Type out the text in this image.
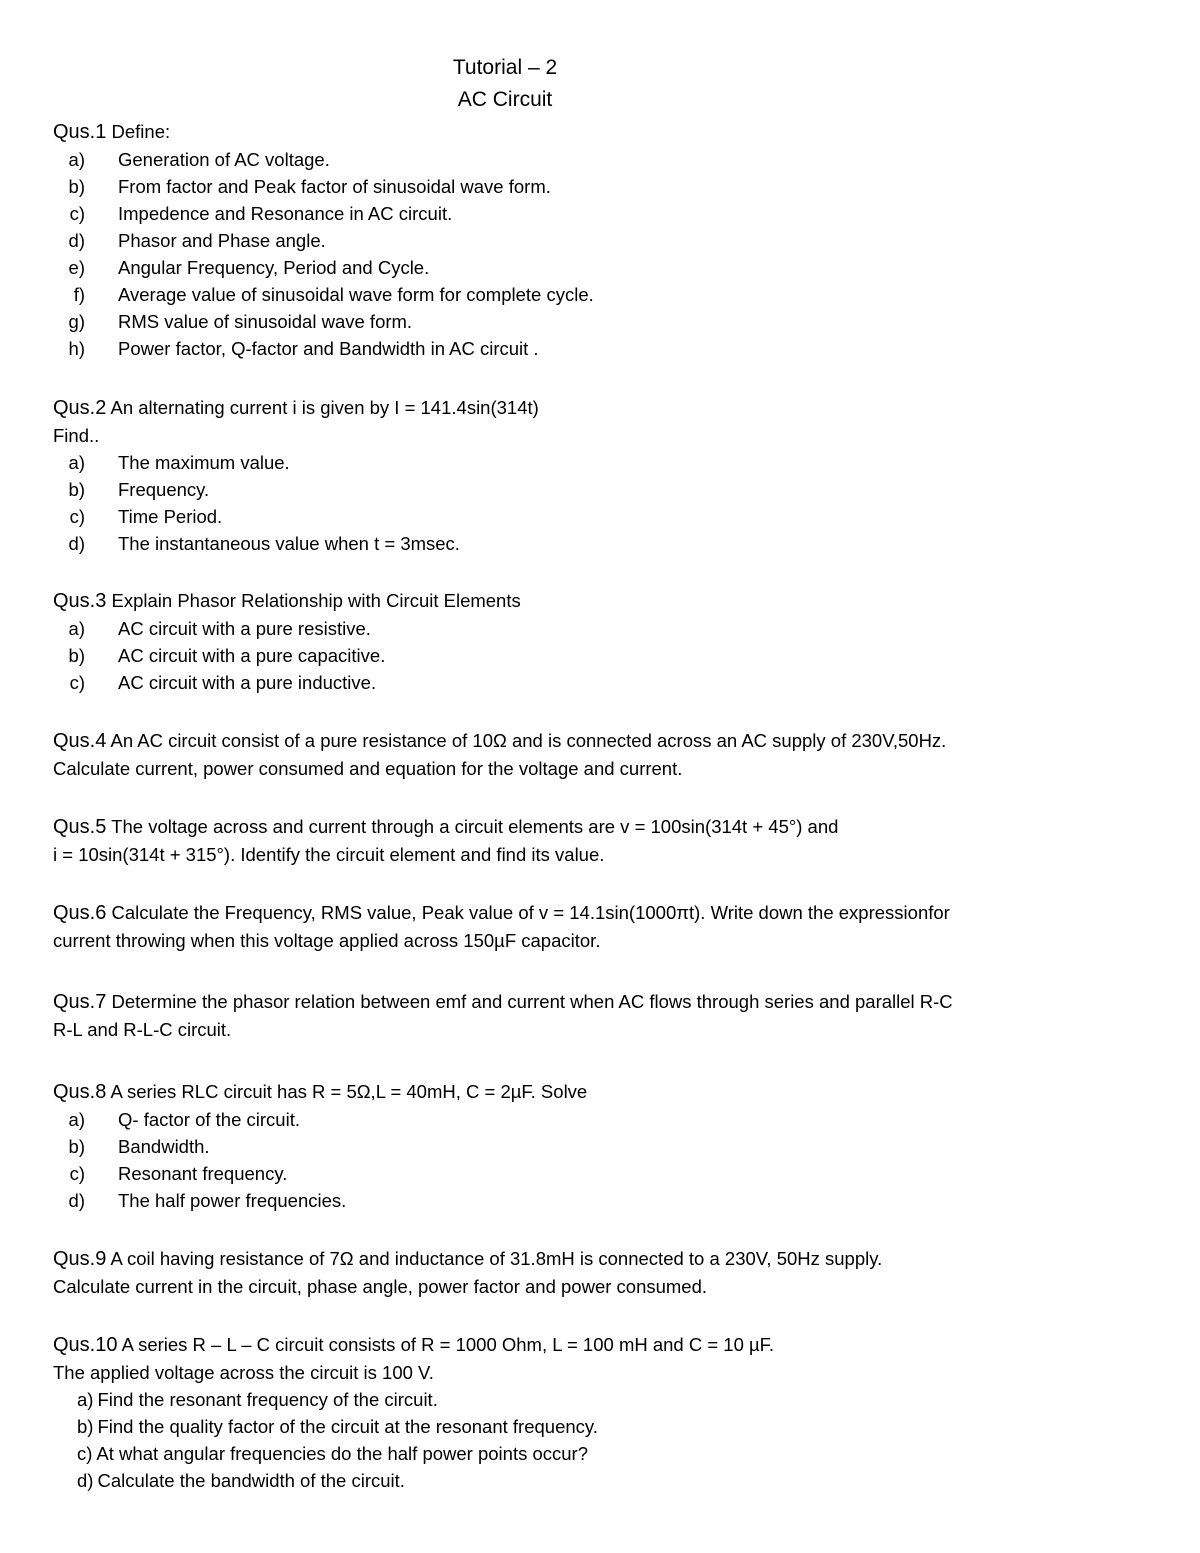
Tutorial – 2
AC Circuit
Qus.1 Define:
a) Generation of AC voltage.
b) From factor and Peak factor of sinusoidal wave form.
c) Impedence and Resonance in AC circuit.
d) Phasor and Phase angle.
e) Angular Frequency, Period and Cycle.
f) Average value of sinusoidal wave form for complete cycle.
g) RMS value of sinusoidal wave form.
h) Power factor, Q-factor and Bandwidth in AC circuit .
Qus.2 An alternating current i is given by I = 141.4sin(314t)
Find..
a) The maximum value.
b) Frequency.
c) Time Period.
d) The instantaneous value when t = 3msec.
Qus.3 Explain Phasor Relationship with Circuit Elements
a) AC circuit with a pure resistive.
b) AC circuit with a pure capacitive.
c) AC circuit with a pure inductive.
Qus.4 An AC circuit consist of a pure resistance of 10Ω and is connected across an AC supply of 230V,50Hz.
Calculate current, power consumed and equation for the voltage and current.
Qus.5 The voltage across and current through a circuit elements are v = 100sin(314t + 45°) and
i = 10sin(314t + 315°). Identify the circuit element and find its value.
Qus.6 Calculate the Frequency, RMS value, Peak value of v = 14.1sin(1000πt). Write down the expressionfor
current throwing when this voltage applied across 150µF capacitor.
Qus.7 Determine the phasor relation between emf and current when AC flows through series and parallel R-C
R-L and R-L-C circuit.
Qus.8 A series RLC circuit has R = 5Ω,L = 40mH, C = 2µF. Solve
a) Q- factor of the circuit.
b) Bandwidth.
c) Resonant frequency.
d) The half power frequencies.
Qus.9 A coil having resistance of 7Ω and inductance of 31.8mH is connected to a 230V, 50Hz supply.
Calculate current in the circuit, phase angle, power factor and power consumed.
Qus.10 A series R – L – C circuit consists of R = 1000 Ohm, L = 100 mH and C = 10 µF.
The applied voltage across the circuit is 100 V.
a) Find the resonant frequency of the circuit.
b) Find the quality factor of the circuit at the resonant frequency.
c) At what angular frequencies do the half power points occur?
d) Calculate the bandwidth of the circuit.
